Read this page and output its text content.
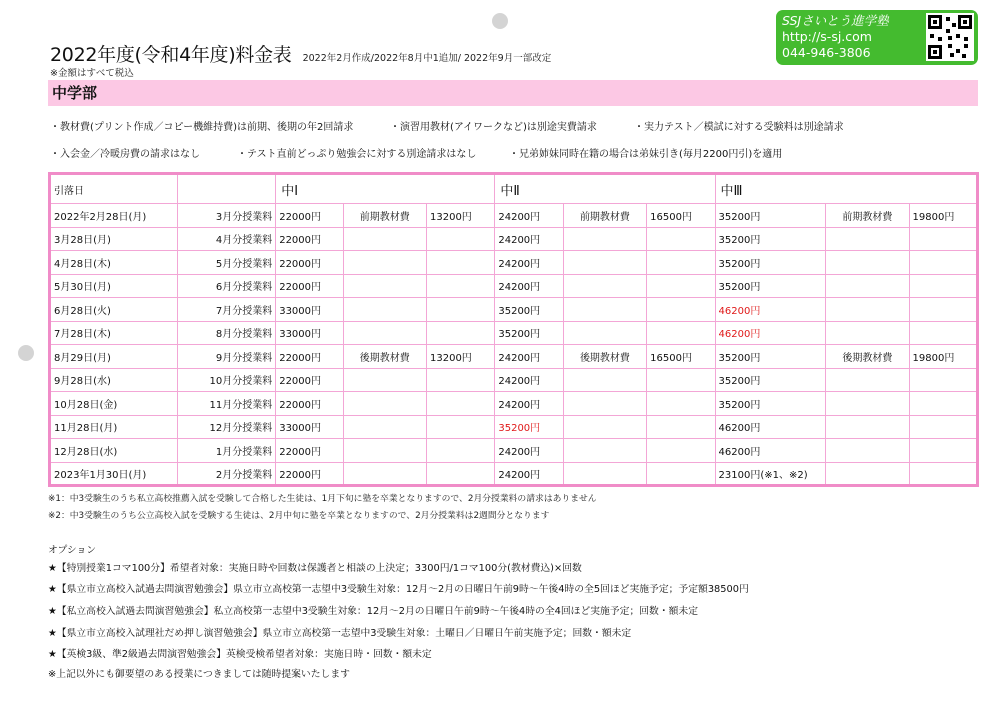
2022年度(令和4年度)料金表 2022年2月作成/2022年8月中1追加/ 2022年9月一部改定
※金額はすべて税込
SSJさいとう進学塾
http://s-sj.com
044-946-3806
中学部
・教材費(プリント作成／コピー機維持費)は前期、後期の年2回請求	・演習用教材(アイワークなど)は別途実費請求	・実力テスト／模試に対する受験料は別途請求
・入会金／冷暖房費の請求はなし	・テスト直前どっぷり勉強会に対する別途請求はなし	・兄弟姉妹同時在籍の場合は弟妹引き(毎月2200円引)を適用
引落日		中Ⅰ			中Ⅱ			中Ⅲ		
2022年2月28日(月)	3月分授業料	22000円	前期教材費	13200円	24200円	前期教材費	16500円	35200円	前期教材費	19800円
3月28日(月)	4月分授業料	22000円			24200円			35200円		
4月28日(木)	5月分授業料	22000円			24200円			35200円		
5月30日(月)	6月分授業料	22000円			24200円			35200円		
6月28日(火)	7月分授業料	33000円			35200円			46200円		
7月28日(木)	8月分授業料	33000円			35200円			46200円		
8月29日(月)	9月分授業料	22000円	後期教材費	13200円	24200円	後期教材費	16500円	35200円	後期教材費	19800円
9月28日(水)	10月分授業料	22000円			24200円			35200円		
10月28日(金)	11月分授業料	22000円			24200円			35200円		
11月28日(月)	12月分授業料	33000円			35200円			46200円		
12月28日(水)	1月分授業料	22000円			24200円			46200円		
2023年1月30日(月)	2月分授業料	22000円			24200円			23100円(※1、※2)		
※1：中3受験生のうち私立高校推薦入試を受験して合格した生徒は、1月下旬に塾を卒業となりますので、2月分授業料の請求はありません
※2：中3受験生のうち公立高校入試を受験する生徒は、2月中旬に塾を卒業となりますので、2月分授業料は2週間分となります
オプション
★【特別授業1コマ100分】希望者対象：実施日時や回数は保護者と相談の上決定；3300円/1コマ100分(教材費込)×回数
★【県立市立高校入試過去問演習勉強会】県立市立高校第一志望中3受験生対象：12月～2月の日曜日午前9時～午後4時の全5回ほど実施予定；予定額38500円
★【私立高校入試過去問演習勉強会】私立高校第一志望中3受験生対象：12月～2月の日曜日午前9時～午後4時の全4回ほど実施予定；回数・額未定
★【県立市立高校入試理社だめ押し演習勉強会】県立市立高校第一志望中3受験生対象：土曜日／日曜日午前実施予定；回数・額未定
★【英検3級、準2級過去問演習勉強会】英検受検希望者対象：実施日時・回数・額未定
※上記以外にも御要望のある授業につきましては随時提案いたします
